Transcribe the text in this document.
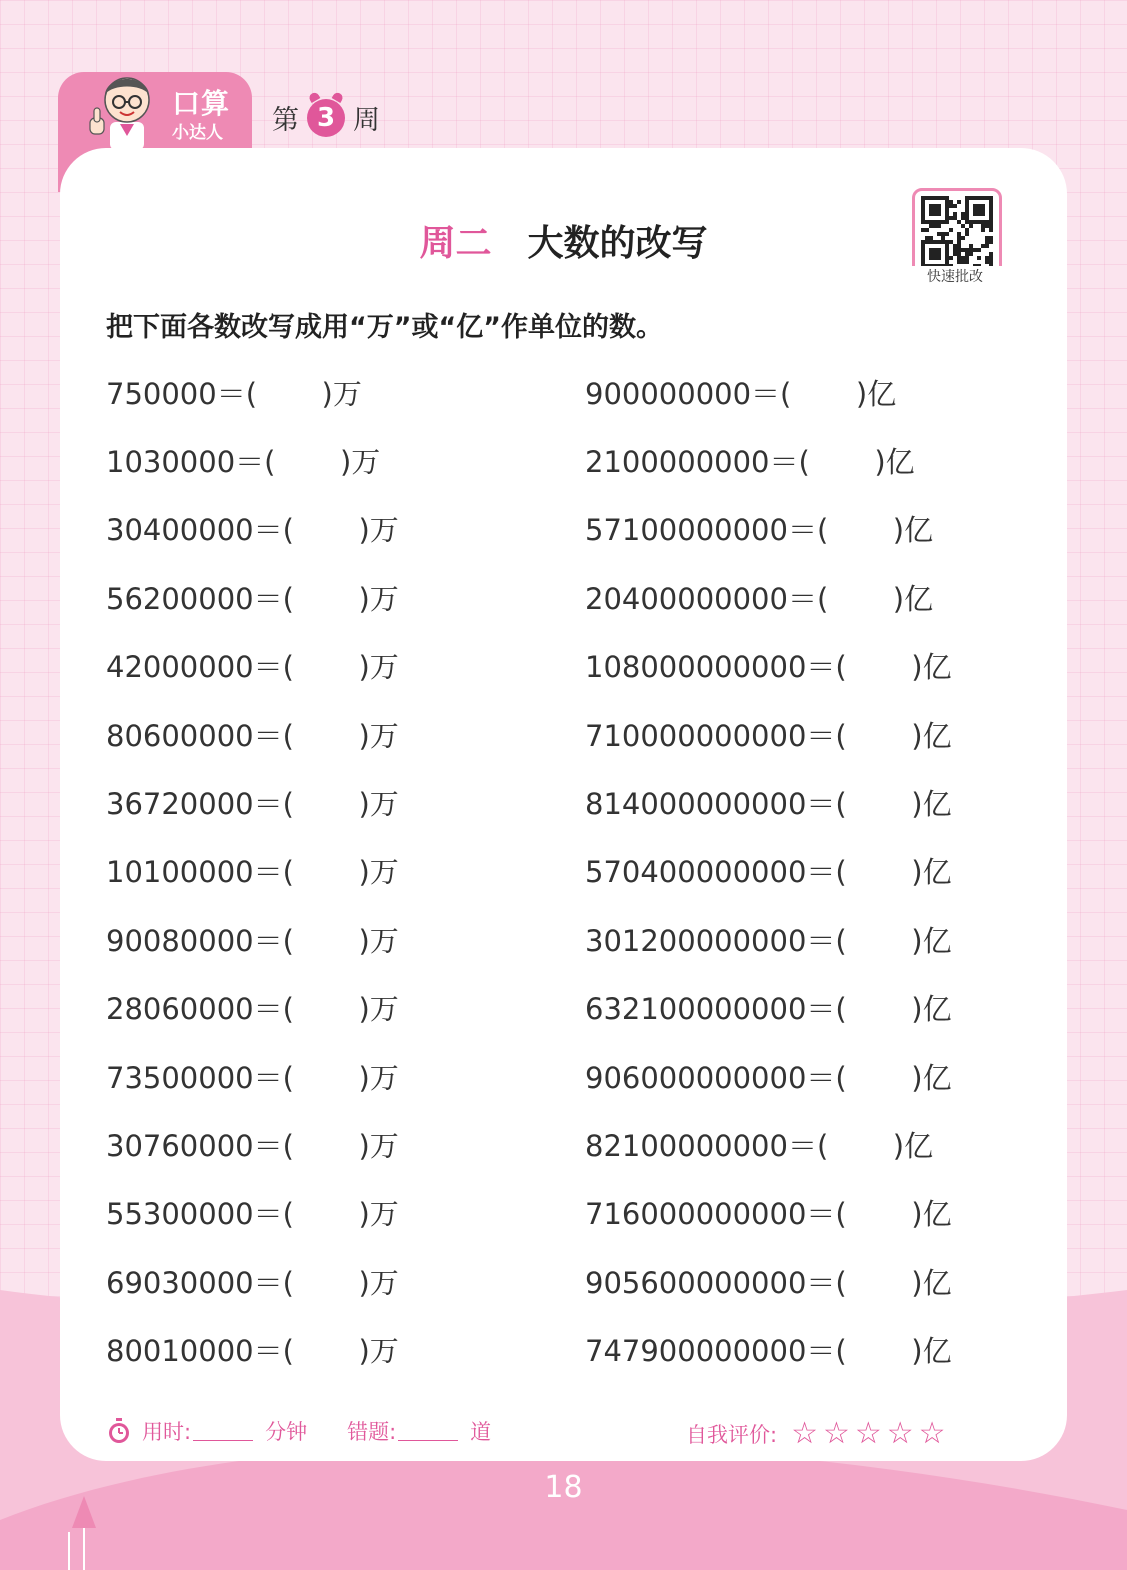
口算
小达人 第 3 周
周二 大数的改写
快速批改
把下面各数改写成用“万”或“亿”作单位的数。
750000＝(       )万
1030000＝(       )万
30400000＝(       )万
56200000＝(       )万
42000000＝(       )万
80600000＝(       )万
36720000＝(       )万
10100000＝(       )万
90080000＝(       )万
28060000＝(       )万
73500000＝(       )万
30760000＝(       )万
55300000＝(       )万
69030000＝(       )万
80010000＝(       )万
900000000＝(       )亿
2100000000＝(       )亿
57100000000＝(       )亿
20400000000＝(       )亿
108000000000＝(       )亿
710000000000＝(       )亿
814000000000＝(       )亿
570400000000＝(       )亿
301200000000＝(       )亿
632100000000＝(       )亿
906000000000＝(       )亿
82100000000＝(       )亿
716000000000＝(       )亿
905600000000＝(       )亿
747900000000＝(       )亿
用时:	分钟 错题:	道	自我评价: ☆☆☆☆☆
18
